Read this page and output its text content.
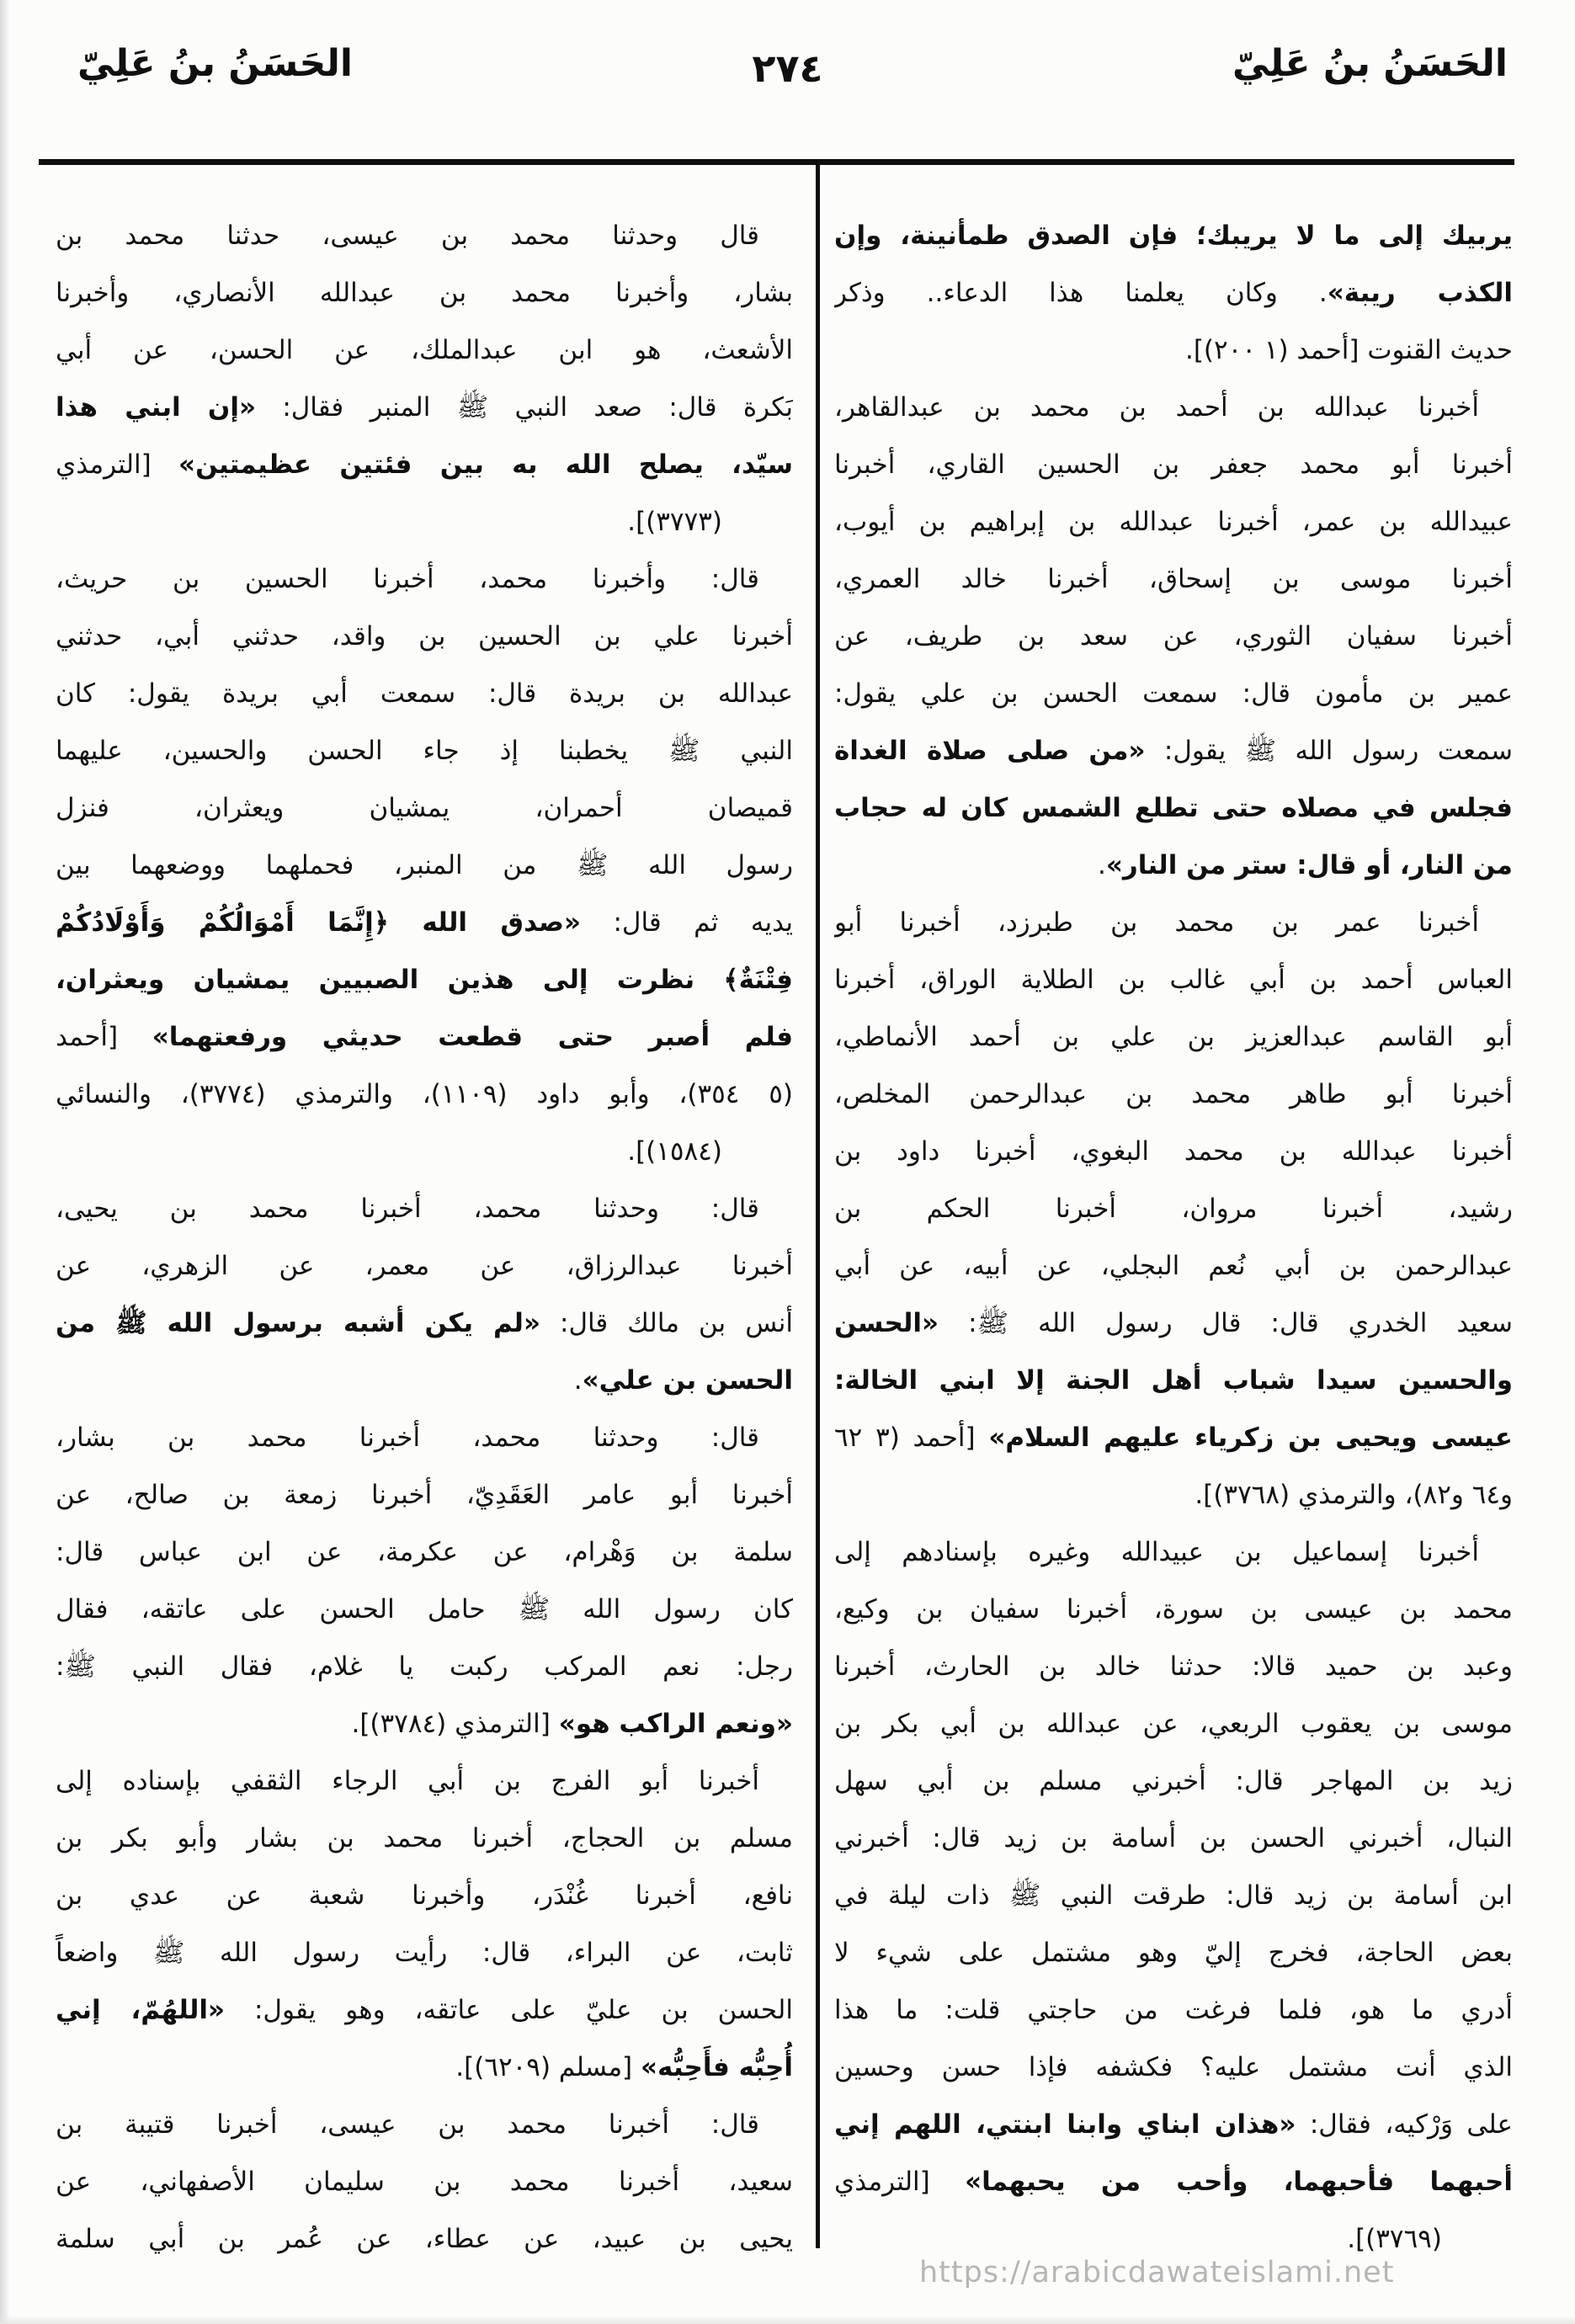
الحَسَنُ بنُ عَلِيّ
٢٧٤
الحَسَنُ بنُ عَلِيّ
يربيك إلى ما لا يريبك؛ فإن الصدق طمأنينة، وإن
الكذب ريبة». وكان يعلمنا هذا الدعاء.. وذكر
حديث القنوت [أحمد (١ ٢٠٠)].
أخبرنا عبدالله بن أحمد بن محمد بن عبدالقاهر،
أخبرنا أبو محمد جعفر بن الحسين القاري، أخبرنا
عبيدالله بن عمر، أخبرنا عبدالله بن إبراهيم بن أيوب،
أخبرنا موسى بن إسحاق، أخبرنا خالد العمري،
أخبرنا سفيان الثوري، عن سعد بن طريف، عن
عمير بن مأمون قال: سمعت الحسن بن علي يقول:
سمعت رسول الله ﷺ يقول: «من صلى صلاة الغداة
فجلس في مصلاه حتى تطلع الشمس كان له حجاب
من النار، أو قال: ستر من النار».
أخبرنا عمر بن محمد بن طبرزد، أخبرنا أبو
العباس أحمد بن أبي غالب بن الطلاية الوراق، أخبرنا
أبو القاسم عبدالعزيز بن علي بن أحمد الأنماطي،
أخبرنا أبو طاهر محمد بن عبدالرحمن المخلص،
أخبرنا عبدالله بن محمد البغوي، أخبرنا داود بن
رشيد، أخبرنا مروان، أخبرنا الحكم بن
عبدالرحمن بن أبي نُعم البجلي، عن أبيه، عن أبي
سعيد الخدري قال: قال رسول الله ﷺ: «الحسن
والحسين سيدا شباب أهل الجنة إلا ابني الخالة:
عيسى ويحيى بن زكرياء عليهم السلام» [أحمد (٣ ٦٢
و٦٤ و٨٢)، والترمذي (٣٧٦٨)].
أخبرنا إسماعيل بن عبيدالله وغيره بإسنادهم إلى
محمد بن عيسى بن سورة، أخبرنا سفيان بن وكيع،
وعبد بن حميد قالا: حدثنا خالد بن الحارث، أخبرنا
موسى بن يعقوب الربعي، عن عبدالله بن أبي بكر بن
زيد بن المهاجر قال: أخبرني مسلم بن أبي سهل
النبال، أخبرني الحسن بن أسامة بن زيد قال: أخبرني
ابن أسامة بن زيد قال: طرقت النبي ﷺ ذات ليلة في
بعض الحاجة، فخرج إليّ وهو مشتمل على شيء لا
أدري ما هو، فلما فرغت من حاجتي قلت: ما هذا
الذي أنت مشتمل عليه؟ فكشفه فإذا حسن وحسين
على وَرْكيه، فقال: «هذان ابناي وابنا ابنتي، اللهم إني
أحبهما فأحبهما، وأحب من يحبهما» [الترمذي
(٣٧٦٩)].
قال وحدثنا محمد بن عيسى، حدثنا محمد بن
بشار، وأخبرنا محمد بن عبدالله الأنصاري، وأخبرنا
الأشعث، هو ابن عبدالملك، عن الحسن، عن أبي
بَكرة قال: صعد النبي ﷺ المنبر فقال: «إن ابني هذا
سيّد، يصلح الله به بين فئتين عظيمتين» [الترمذي
(٣٧٧٣)].
قال: وأخبرنا محمد، أخبرنا الحسين بن حريث،
أخبرنا علي بن الحسين بن واقد، حدثني أبي، حدثني
عبدالله بن بريدة قال: سمعت أبي بريدة يقول: كان
النبي ﷺ يخطبنا إذ جاء الحسن والحسين، عليهما
قميصان أحمران، يمشيان ويعثران، فنزل
رسول الله ﷺ من المنبر، فحملهما ووضعهما بين
يديه ثم قال: «صدق الله ﴿إِنَّمَا أَمْوَالُكُمْ وَأَوْلَادُكُمْ
فِتْنَةٌ﴾ نظرت إلى هذين الصبيين يمشيان ويعثران،
فلم أصبر حتى قطعت حديثي ورفعتهما» [أحمد
(٥ ٣٥٤)، وأبو داود (١١٠٩)، والترمذي (٣٧٧٤)، والنسائي
(١٥٨٤)].
قال: وحدثنا محمد، أخبرنا محمد بن يحيى،
أخبرنا عبدالرزاق، عن معمر، عن الزهري، عن
أنس بن مالك قال: «لم يكن أشبه برسول الله ﷺ من
الحسن بن علي».
قال: وحدثنا محمد، أخبرنا محمد بن بشار،
أخبرنا أبو عامر العَقَدِيّ، أخبرنا زمعة بن صالح، عن
سلمة بن وَهْرام، عن عكرمة، عن ابن عباس قال:
كان رسول الله ﷺ حامل الحسن على عاتقه، فقال
رجل: نعم المركب ركبت يا غلام، فقال النبي ﷺ:
«ونعم الراكب هو» [الترمذي (٣٧٨٤)].
أخبرنا أبو الفرج بن أبي الرجاء الثقفي بإسناده إلى
مسلم بن الحجاج، أخبرنا محمد بن بشار وأبو بكر بن
نافع، أخبرنا غُنْدَر، وأخبرنا شعبة عن عدي بن
ثابت، عن البراء، قال: رأيت رسول الله ﷺ واضعاً
الحسن بن عليّ على عاتقه، وهو يقول: «اللهُمّ، إني
أُحِبُّه فأَحِبُّه» [مسلم (٦٢٠٩)].
قال: أخبرنا محمد بن عيسى، أخبرنا قتيبة بن
سعيد، أخبرنا محمد بن سليمان الأصفهاني، عن
يحيى بن عبيد، عن عطاء، عن عُمر بن أبي سلمة
https://arabicdawateislami.net
